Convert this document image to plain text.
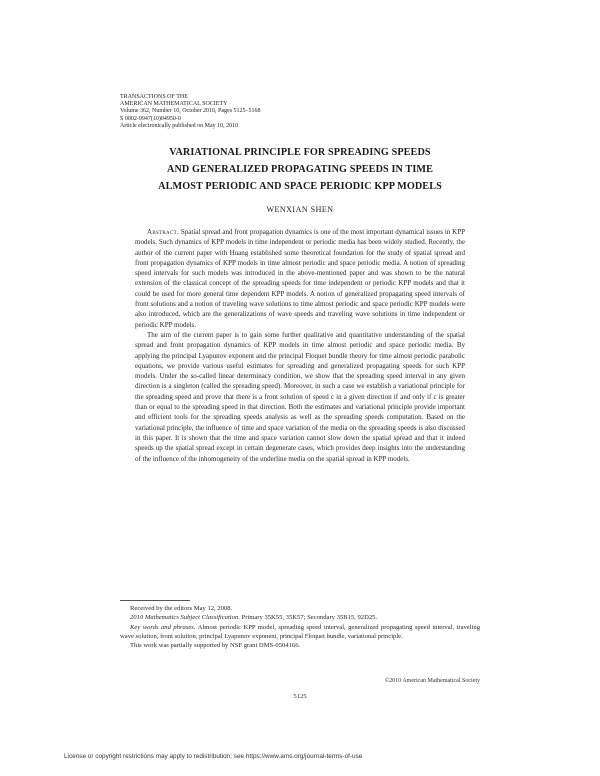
TRANSACTIONS OF THE
AMERICAN MATHEMATICAL SOCIETY
Volume 362, Number 10, October 2010, Pages 5125–5168
S 0002-9947(10)04950-0
Article electronically published on May 10, 2010
VARIATIONAL PRINCIPLE FOR SPREADING SPEEDS
AND GENERALIZED PROPAGATING SPEEDS IN TIME
ALMOST PERIODIC AND SPACE PERIODIC KPP MODELS
WENXIAN SHEN

Abstract. Spatial spread and front propagation dynamics is one of the most important dynamical issues in KPP models. Such dynamics of KPP models in time independent or periodic media has been widely studied. Recently, the author of the current paper with Huang established some theoretical foundation for the study of spatial spread and front propagation dynamics of KPP models in time almost periodic and space periodic media. A notion of spreading speed intervals for such models was introduced in the above-mentioned paper and was shown to be the natural extension of the classical concept of the spreading speeds for time independent or periodic KPP models and that it could be used for more general time dependent KPP models. A notion of generalized propagating speed intervals of front solutions and a notion of traveling wave solutions to time almost periodic and space periodic KPP models were also introduced, which are the generalizations of wave speeds and traveling wave solutions in time independent or periodic KPP models.

The aim of the current paper is to gain some further qualitative and quantitative understanding of the spatial spread and front propagation dynamics of KPP models in time almost periodic and space periodic media. By applying the principal Lyapunov exponent and the principal Floquet bundle theory for time almost periodic parabolic equations, we provide various useful estimates for spreading and generalized propagating speeds for such KPP models. Under the so-called linear determinacy condition, we show that the spreading speed interval in any given direction is a singleton (called the spreading speed). Moreover, in such a case we establish a variational principle for the spreading speed and prove that there is a front solution of speed c in a given direction if and only if c is greater than or equal to the spreading speed in that direction. Both the estimates and variational principle provide important and efficient tools for the spreading speeds analysis as well as the spreading speeds computation. Based on the variational principle, the influence of time and space variation of the media on the spreading speeds is also discussed in this paper. It is shown that the time and space variation cannot slow down the spatial spread and that it indeed speeds up the spatial spread except in certain degenerate cases, which provides deep insights into the understanding of the influence of the inhomogeneity of the underline media on the spatial spread in KPP models.

Received by the editors May 12, 2008.

2010 Mathematics Subject Classification. Primary 35K55, 35K57; Secondary 35B15, 92D25.

Key words and phrases. Almost periodic KPP model, spreading speed interval, generalized propagating speed interval, traveling wave solution, front solution, principal Lyapunov exponent, principal Floquet bundle, variational principle.

This work was partially supported by NSF grant DMS-0504166.

©2010 American Mathematical Society
5125
License or copyright restrictions may apply to redistribution; see https://www.ams.org/journal-terms-of-use
